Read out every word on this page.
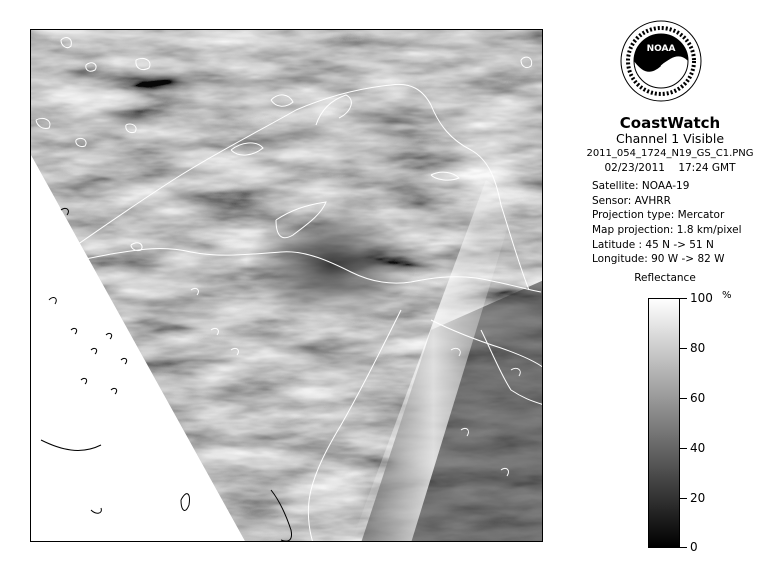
NOAA
CoastWatch
Channel 1 Visible
2011_054_1724_N19_GS_C1.PNG
02/23/2011    17:24 GMT
Satellite: NOAA-19
Sensor: AVHRR
Projection type: Mercator
Map projection: 1.8 km/pixel
Latitude : 45 N -> 51 N
Longitude: 90 W -> 82 W
Reflectance
%
100
80
60
40
20
0
